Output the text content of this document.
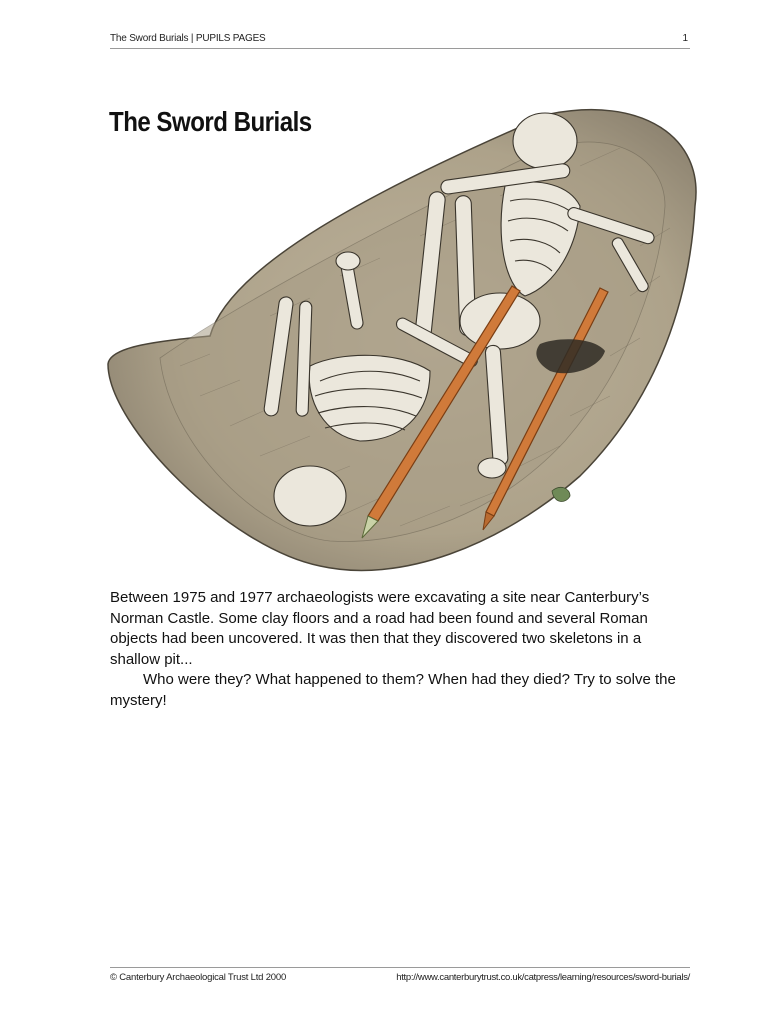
The Sword Burials | PUPILS PAGES	1
The Sword Burials

Between 1975 and 1977 archaeologists were excavating a site near Canterbury’s Norman Castle. Some clay floors and a road had been found and several Roman objects had been uncovered. It was then that they discovered two skeletons in a shallow pit...

Who were they? What happened to them? When had they died? Try to solve the mystery!

© Canterbury Archaeological Trust Ltd 2000	http://www.canterburytrust.co.uk/catpress/learning/resources/sword-burials/
